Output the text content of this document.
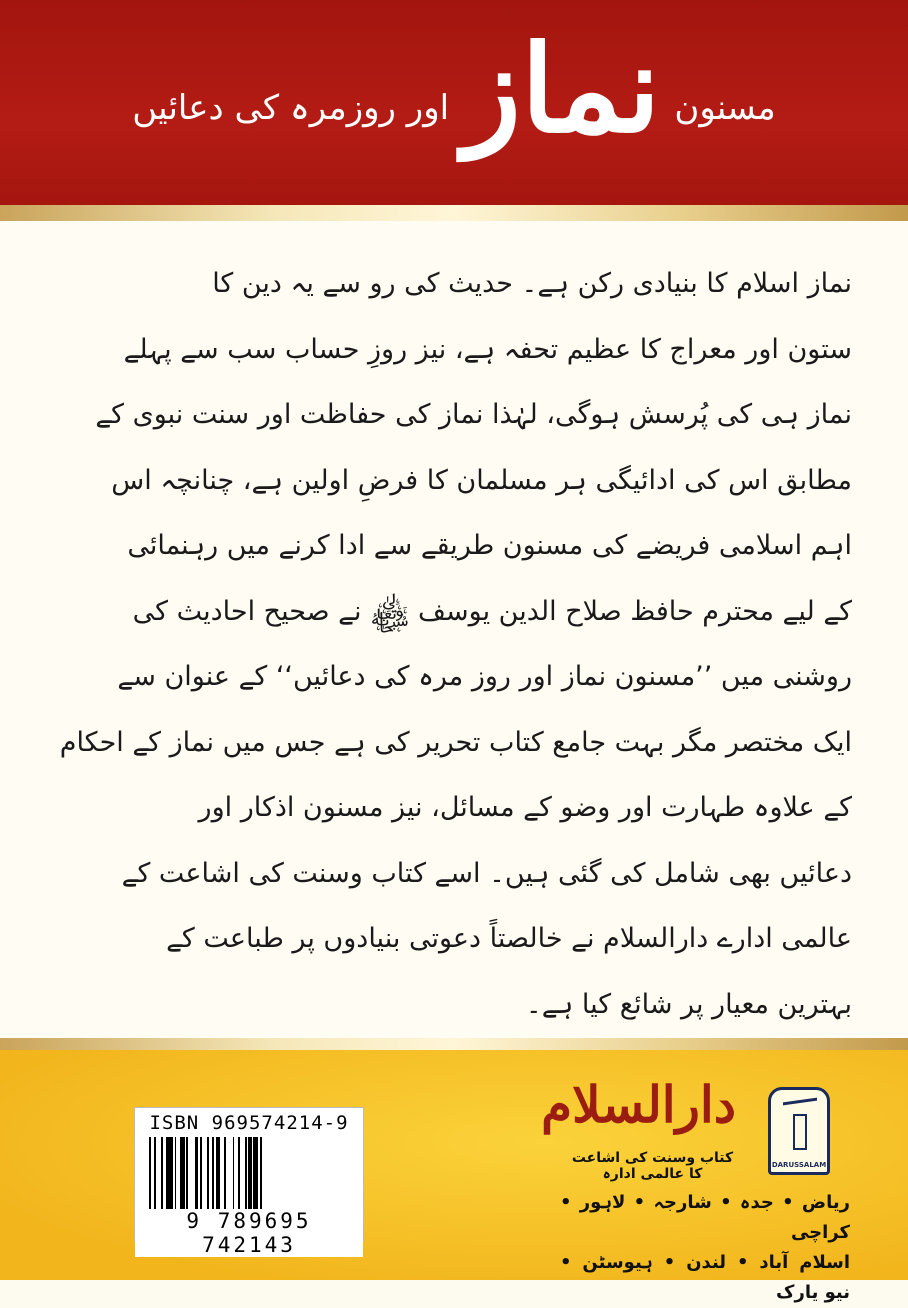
مسنون
نماز
اور روزمرہ کی دعائیں
نماز اسلام کا بنیادی رکن ہے۔ حدیث کی رو سے یہ دین کا
ستون اور معراج کا عظیم تحفہ ہے، نیز روزِ حساب سب سے پہلے
نماز ہی کی پُرسش ہوگی، لہٰذا نماز کی حفاظت اور سنت نبوی کے
مطابق اس کی ادائیگی ہر مسلمان کا فرضِ اولین ہے، چنانچہ اس
اہم اسلامی فریضے کی مسنون طریقے سے ادا کرنے میں رہنمائی
کے لیے محترم حافظ صلاح الدین یوسف ﷾ نے صحیح احادیث کی
روشنی میں ’’مسنون نماز اور روز مرہ کی دعائیں‘‘ کے عنوان سے
ایک مختصر مگر بہت جامع کتاب تحریر کی ہے جس میں نماز کے احکام
کے علاوہ طہارت اور وضو کے مسائل، نیز مسنون اذکار اور
دعائیں بھی شامل کی گئی ہیں۔ اسے کتاب وسنت کی اشاعت کے
عالمی ادارے دارالسلام نے خالصتاً دعوتی بنیادوں پر طباعت کے
بہترین معیار پر شائع کیا ہے۔
ISBN 969574214-9
9 789695 742143
دارالسلام
کتاب وسنت کی اشاعت کا عالمی ادارہ
DARUSSALAM
ریاض • جدہ • شارجہ • لاہور • کراچی
اسلام آباد • لندن • ہیوسٹن • نیو یارک
